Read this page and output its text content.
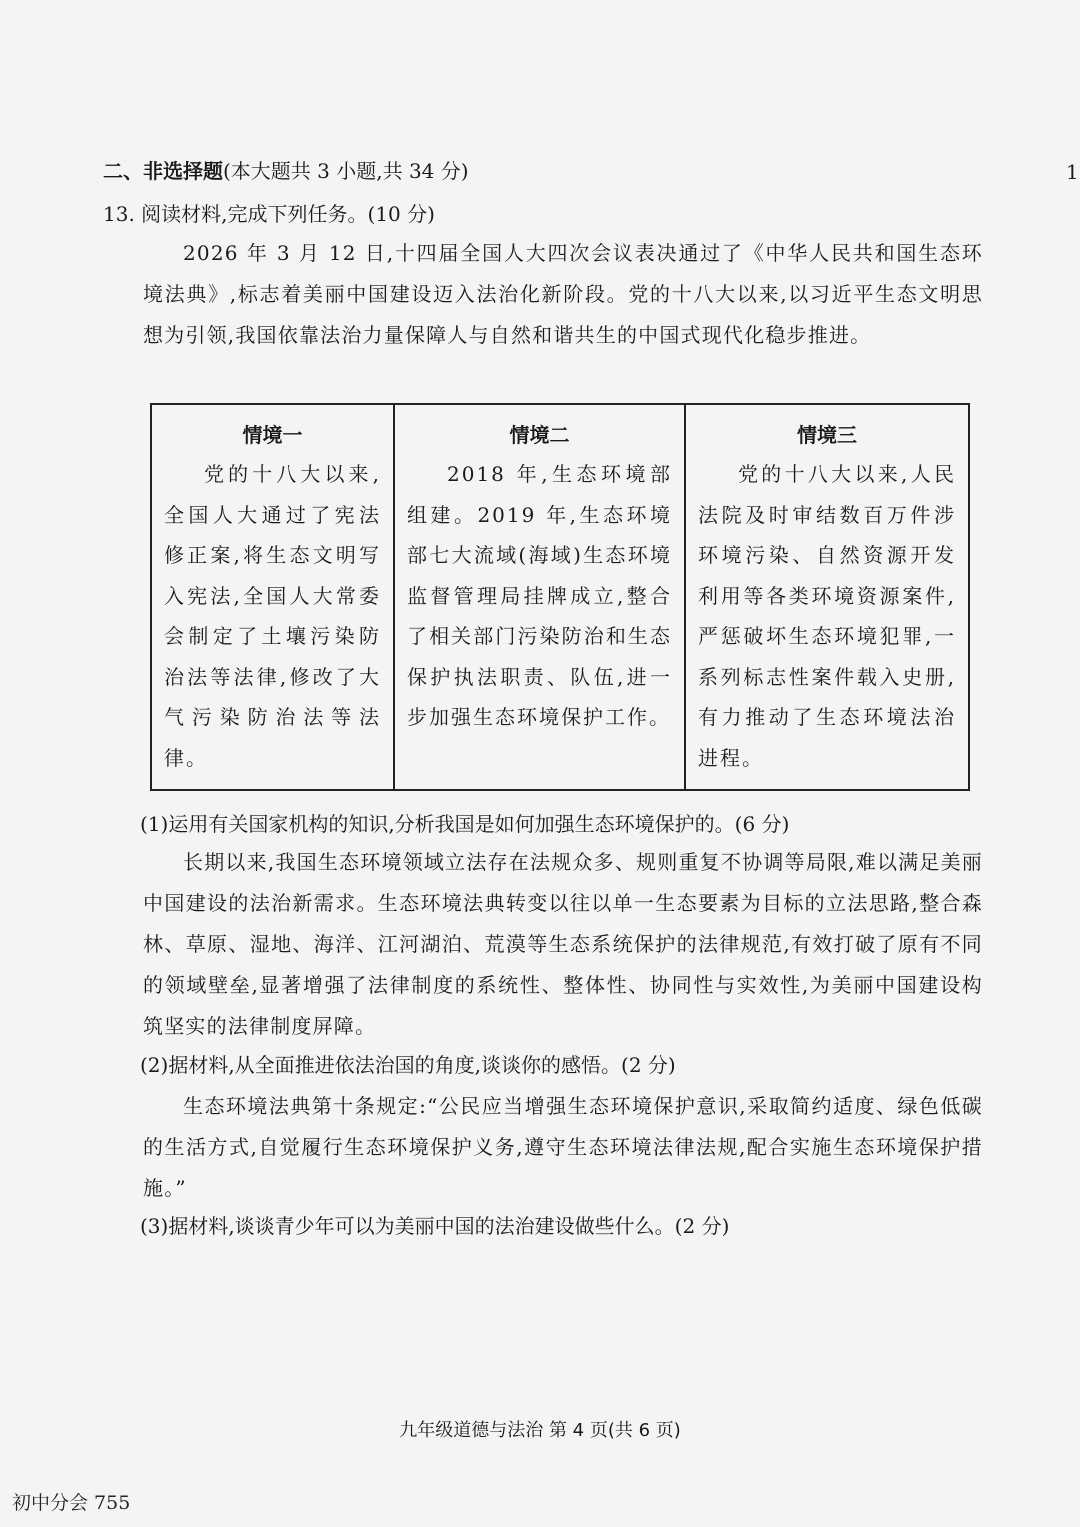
二、非选择题(本大题共 3 小题,共 34 分)	1
13. 阅读材料,完成下列任务。(10 分)

2026 年 3 月 12 日,十四届全国人大四次会议表决通过了《中华人民共和国生态环境法典》,标志着美丽中国建设迈入法治化新阶段。党的十八大以来,以习近平生态文明思想为引领,我国依靠法治力量保障人与自然和谐共生的中国式现代化稳步推进。

情境一
党的十八大以来,全国人大通过了宪法修正案,将生态文明写入宪法,全国人大常委会制定了土壤污染防治法等法律,修改了大气污染防治法等法律。
情境二
2018 年,生态环境部组建。2019 年,生态环境部七大流域(海域)生态环境监督管理局挂牌成立,整合了相关部门污染防治和生态保护执法职责、队伍,进一步加强生态环境保护工作。
情境三
党的十八大以来,人民法院及时审结数百万件涉环境污染、自然资源开发利用等各类环境资源案件,严惩破坏生态环境犯罪,一系列标志性案件载入史册,有力推动了生态环境法治进程。
(1)运用有关国家机构的知识,分析我国是如何加强生态环境保护的。(6 分)

长期以来,我国生态环境领域立法存在法规众多、规则重复不协调等局限,难以满足美丽中国建设的法治新需求。生态环境法典转变以往以单一生态要素为目标的立法思路,整合森林、草原、湿地、海洋、江河湖泊、荒漠等生态系统保护的法律规范,有效打破了原有不同的领域壁垒,显著增强了法律制度的系统性、整体性、协同性与实效性,为美丽中国建设构筑坚实的法律制度屏障。

(2)据材料,从全面推进依法治国的角度,谈谈你的感悟。(2 分)

生态环境法典第十条规定:“公民应当增强生态环境保护意识,采取简约适度、绿色低碳的生活方式,自觉履行生态环境保护义务,遵守生态环境法律法规,配合实施生态环境保护措施。”

(3)据材料,谈谈青少年可以为美丽中国的法治建设做些什么。(2 分)
九年级道德与法治 第 4 页(共 6 页)
初中分会 755
